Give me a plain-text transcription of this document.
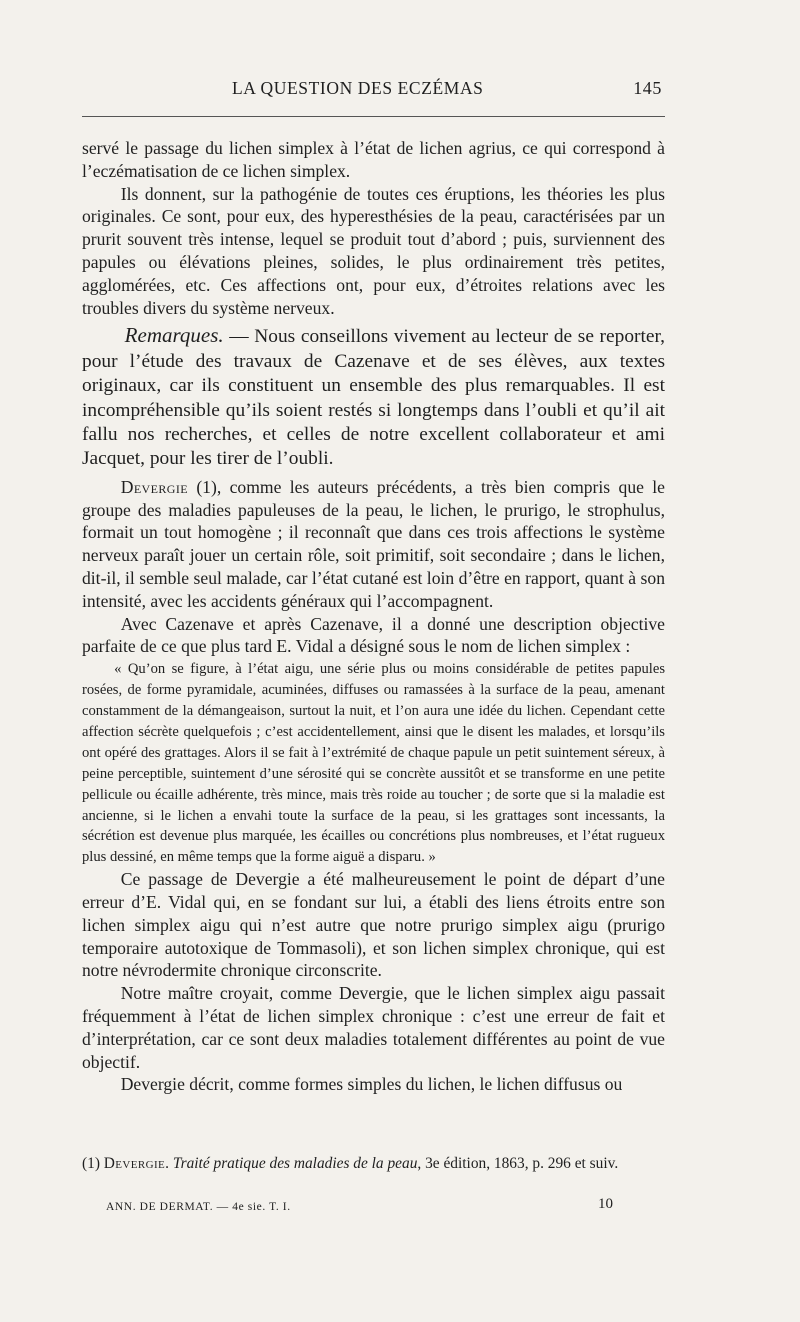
LA QUESTION DES ECZÉMAS	145

servé le passage du lichen simplex à l’état de lichen agrius, ce qui correspond à l’eczématisation de ce lichen simplex.

Ils donnent, sur la pathogénie de toutes ces éruptions, les théories les plus originales. Ce sont, pour eux, des hyperesthésies de la peau, caractérisées par un prurit souvent très intense, lequel se produit tout d’abord ; puis, surviennent des papules ou élévations pleines, solides, le plus ordinairement très petites, agglomérées, etc. Ces affections ont, pour eux, d’étroites relations avec les troubles divers du système nerveux.

Remarques. — Nous conseillons vivement au lecteur de se reporter, pour l’étude des travaux de Cazenave et de ses élèves, aux textes originaux, car ils constituent un ensemble des plus remarquables. Il est incompréhensible qu’ils soient restés si longtemps dans l’oubli et qu’il ait fallu nos recherches, et celles de notre excellent collaborateur et ami Jacquet, pour les tirer de l’oubli.

Devergie (1), comme les auteurs précédents, a très bien compris que le groupe des maladies papuleuses de la peau, le lichen, le prurigo, le strophulus, formait un tout homogène ; il reconnaît que dans ces trois affections le système nerveux paraît jouer un certain rôle, soit primitif, soit secondaire ; dans le lichen, dit-il, il semble seul malade, car l’état cutané est loin d’être en rapport, quant à son intensité, avec les accidents généraux qui l’accompagnent.

Avec Cazenave et après Cazenave, il a donné une description objective parfaite de ce que plus tard E. Vidal a désigné sous le nom de lichen simplex :

« Qu’on se figure, à l’état aigu, une série plus ou moins considérable de petites papules rosées, de forme pyramidale, acuminées, diffuses ou ramassées à la surface de la peau, amenant constamment de la démangeaison, surtout la nuit, et l’on aura une idée du lichen. Cependant cette affection sécrète quelquefois ; c’est accidentellement, ainsi que le disent les malades, et lorsqu’ils ont opéré des grattages. Alors il se fait à l’extrémité de chaque papule un petit suintement séreux, à peine perceptible, suintement d’une sérosité qui se concrète aussitôt et se transforme en une petite pellicule ou écaille adhérente, très mince, mais très roide au toucher ; de sorte que si la maladie est ancienne, si le lichen a envahi toute la surface de la peau, si les grattages sont incessants, la sécrétion est devenue plus marquée, les écailles ou concrétions plus nombreuses, et l’état rugueux plus dessiné, en même temps que la forme aiguë a disparu. »

Ce passage de Devergie a été malheureusement le point de départ d’une erreur d’E. Vidal qui, en se fondant sur lui, a établi des liens étroits entre son lichen simplex aigu qui n’est autre que notre prurigo simplex aigu (prurigo temporaire autotoxique de Tommasoli), et son lichen simplex chronique, qui est notre névrodermite chronique circonscrite.

Notre maître croyait, comme Devergie, que le lichen simplex aigu passait fréquemment à l’état de lichen simplex chronique : c’est une erreur de fait et d’interprétation, car ce sont deux maladies totalement différentes au point de vue objectif.

Devergie décrit, comme formes simples du lichen, le lichen diffusus ou

(1) Devergie. Traité pratique des maladies de la peau, 3e édition, 1863, p. 296 et suiv.
ANN. DE DERMAT. — 4e sie. T. I.	10
